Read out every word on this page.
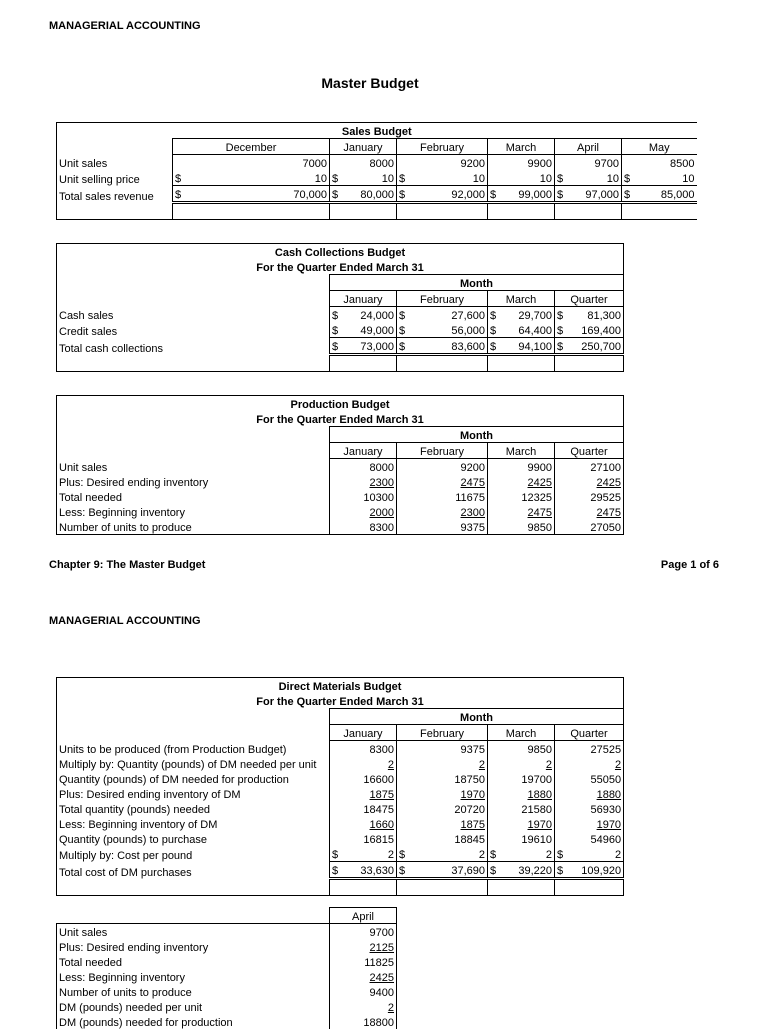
MANAGERIAL ACCOUNTING
Master Budget
Sales Budget						
	December	January	February	March	April	May
Unit sales	7000	8000	9200	9900	9700	8500
Unit selling price	$ 10	$ 10	$ 10	10	$ 10	$ 10

Total sales revenue	$ 70,000	$ 80,000	$ 92,000	$ 99,000	$ 97,000	$ 85,000

Cash Collections Budget				
For the Quarter Ended March 31				
	Month			
	January	February	March	Quarter
Cash sales	$ 24,000	$ 27,600	$ 29,700	$ 81,300

Credit sales	$ 49,000	$ 56,000	$ 64,400	$ 169,400

Total cash collections	$ 73,000	$ 83,600	$ 94,100	$ 250,700

Production Budget				
For the Quarter Ended March 31				
	Month			
	January	February	March	Quarter
Unit sales	8000	9200	9900	27100
Plus: Desired ending inventory	2300	2475	2425	2425
Total needed	10300	11675	12325	29525
Less: Beginning inventory	2000	2300	2475	2475
Number of units to produce	8300	9375	9850	27050
Chapter 9: The Master Budget	Page 1 of 6
MANAGERIAL ACCOUNTING
Direct Materials Budget				
For the Quarter Ended March 31				
	Month			
	January	February	March	Quarter
Units to be produced (from Production Budget)	8300	9375	9850	27525
Multiply by: Quantity (pounds) of DM needed per unit	2	2	2	2
Quantity (pounds) of DM needed for production	16600	18750	19700	55050
Plus: Desired ending inventory of DM	1875	1970	1880	1880
Total quantity (pounds) needed	18475	20720	21580	56930
Less: Beginning inventory of DM	1660	1875	1970	1970
Quantity (pounds) to purchase	16815	18845	19610	54960
Multiply by: Cost per pound	$ 2	$ 2	$ 2	$ 2

Total cost of DM purchases	$ 33,630	$ 37,690	$ 39,220	$ 109,920

	April
Unit sales	9700
Plus: Desired ending inventory	2125
Total needed	11825
Less: Beginning inventory	2425
Number of units to produce	9400
DM (pounds) needed per unit	2
DM (pounds) needed for production	18800
